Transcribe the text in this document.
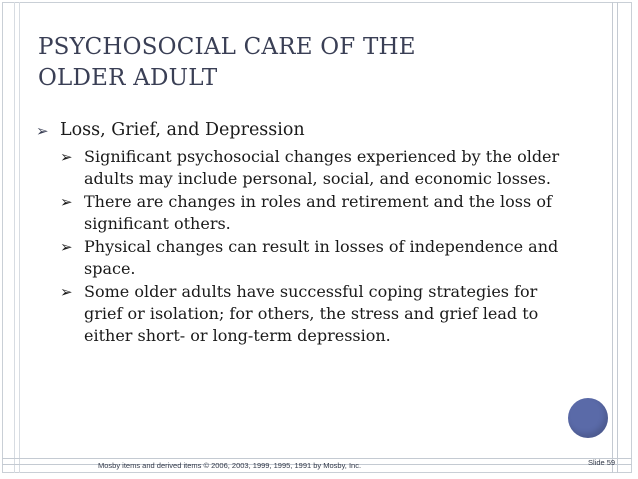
PSYCHOSOCIAL CARE OF THE
OLDER ADULT
➢ Loss, Grief, and Depression
➢ Significant psychosocial changes experienced by the older adults may include personal, social, and economic losses.
➢ There are changes in roles and retirement and the loss of significant others.
➢ Physical changes can result in losses of independence and space.
➢ Some older adults have successful coping strategies for grief or isolation; for others, the stress and grief lead to either short- or long-term depression.
Mosby items and derived items © 2006, 2003, 1999, 1995, 1991 by Mosby, Inc.	Slide 59
